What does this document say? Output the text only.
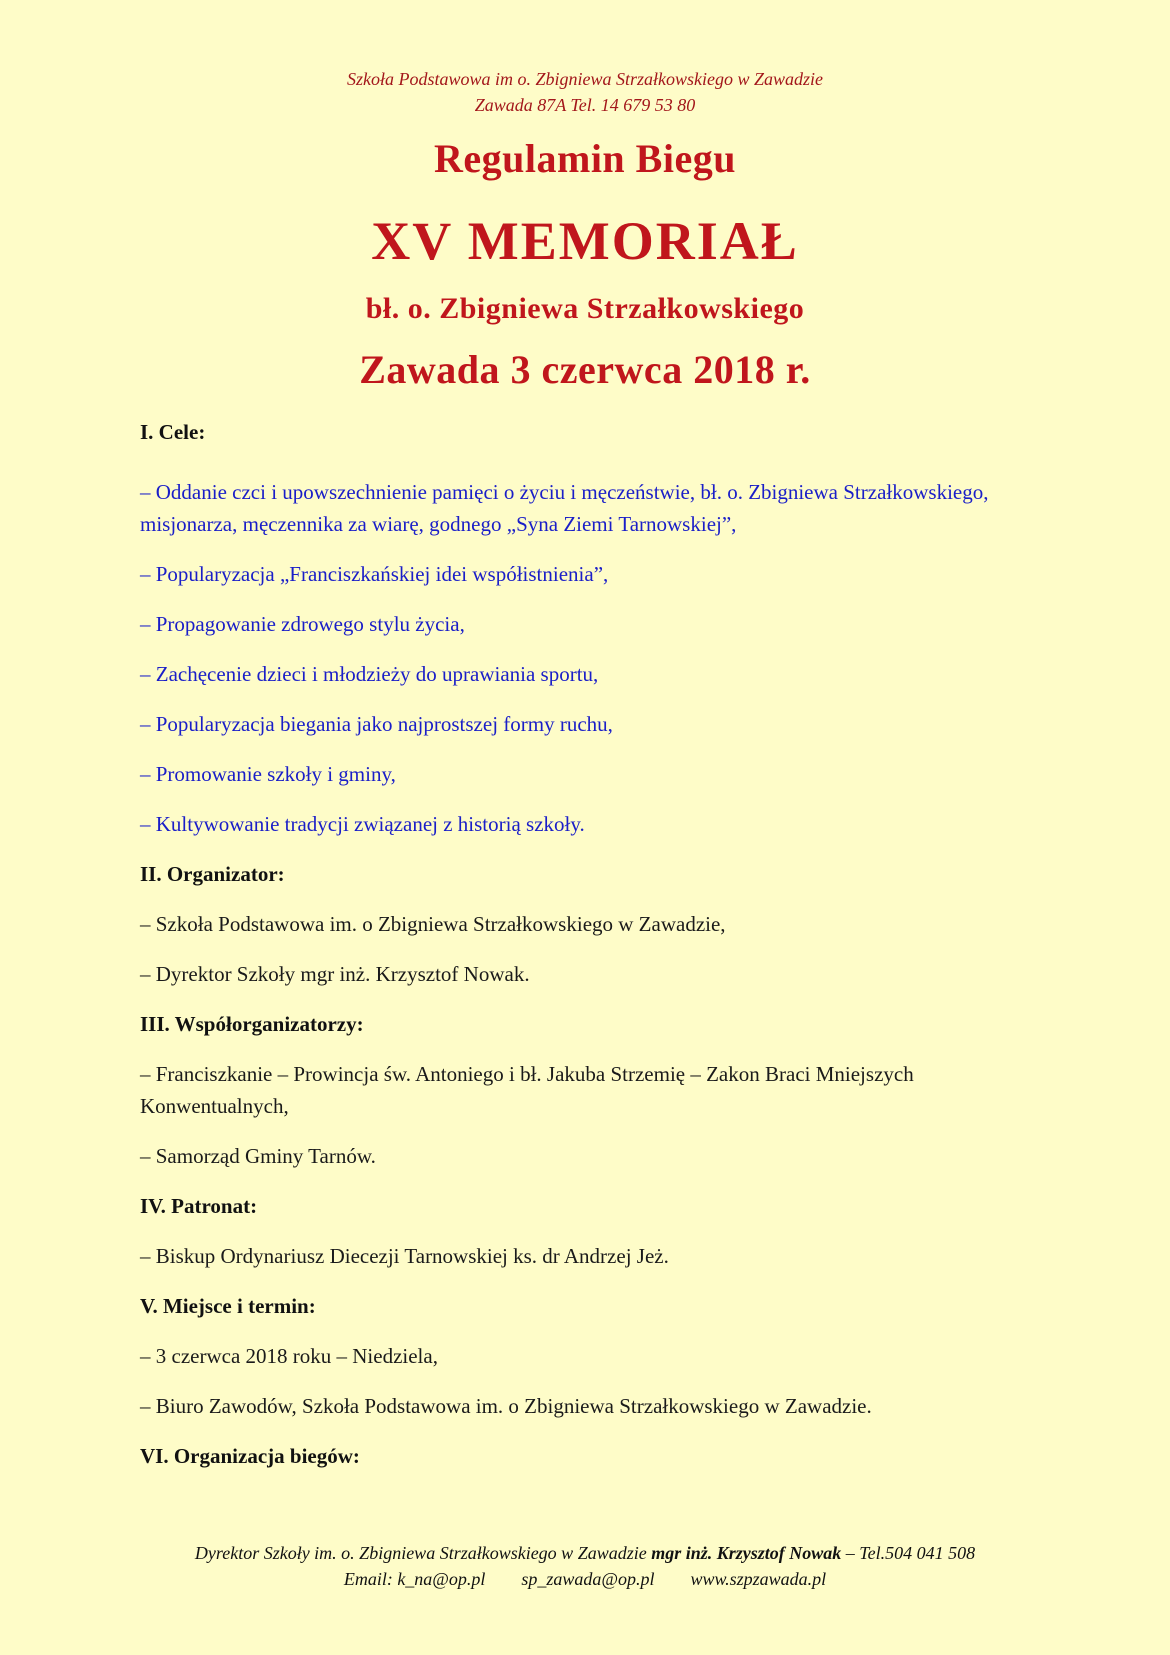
Szkoła Podstawowa im o. Zbigniewa Strzałkowskiego w Zawadzie
Zawada 87A Tel. 14 679 53 80
Regulamin Biegu
XV MEMORIAŁ
bł. o. Zbigniewa Strzałkowskiego
Zawada 3 czerwca 2018 r.

I. Cele:

– Oddanie czci i upowszechnienie pamięci o życiu i męczeństwie, bł. o. Zbigniewa Strzałkowskiego, misjonarza, męczennika za wiarę, godnego „Syna Ziemi Tarnowskiej”,

– Popularyzacja „Franciszkańskiej idei współistnienia”,

– Propagowanie zdrowego stylu życia,

– Zachęcenie dzieci i młodzieży do uprawiania sportu,

– Popularyzacja biegania jako najprostszej formy ruchu,

– Promowanie szkoły i gminy,

– Kultywowanie tradycji związanej z historią szkoły.

II. Organizator:

– Szkoła Podstawowa im. o Zbigniewa Strzałkowskiego w Zawadzie,

– Dyrektor Szkoły mgr inż. Krzysztof Nowak.

III. Współorganizatorzy:

– Franciszkanie – Prowincja św. Antoniego i bł. Jakuba Strzemię – Zakon Braci Mniejszych Konwentualnych,

– Samorząd Gminy Tarnów.

IV. Patronat:

– Biskup Ordynariusz Diecezji Tarnowskiej ks. dr Andrzej Jeż.

V. Miejsce i termin:

– 3 czerwca 2018 roku – Niedziela,

– Biuro Zawodów, Szkoła Podstawowa im. o Zbigniewa Strzałkowskiego w Zawadzie.

VI. Organizacja biegów:

Dyrektor Szkoły im. o. Zbigniewa Strzałkowskiego w Zawadzie mgr inż. Krzysztof Nowak – Tel.504 041 508
Email: k_na@op.pl sp_zawada@op.pl www.szpzawada.pl
